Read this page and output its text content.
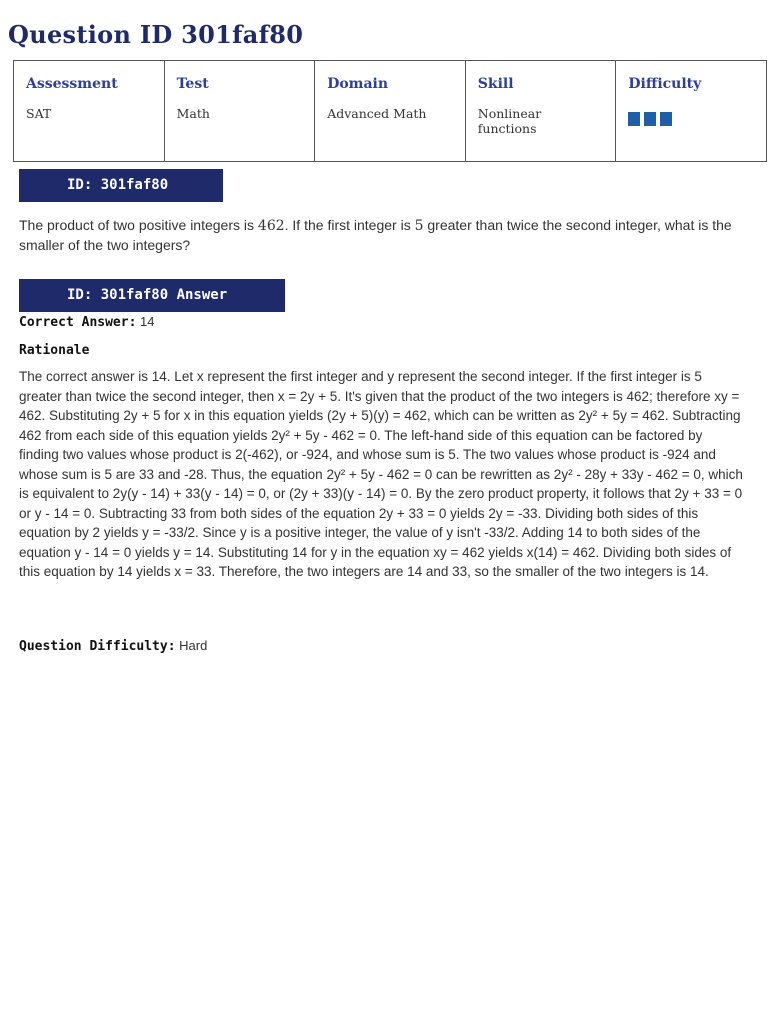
Question ID 301faf80
Assessment
SAT

Test
Math

Domain
Advanced Math

Skill
Nonlinear functions

Difficulty
ID: 301faf80

The product of two positive integers is 462. If the first integer is 5 greater than twice the second integer, what is the smaller of the two integers?

ID: 301faf80 Answer
Correct Answer: 14
Rationale

The correct answer is 14. Let x represent the first integer and y represent the second integer. If the first integer is 5 greater than twice the second integer, then x = 2y + 5. It's given that the product of the two integers is 462; therefore xy = 462. Substituting 2y + 5 for x in this equation yields (2y + 5)(y) = 462, which can be written as 2y² + 5y = 462. Subtracting 462 from each side of this equation yields 2y² + 5y - 462 = 0. The left-hand side of this equation can be factored by finding two values whose product is 2(-462), or -924, and whose sum is 5. The two values whose product is -924 and whose sum is 5 are 33 and -28. Thus, the equation 2y² + 5y - 462 = 0 can be rewritten as 2y² - 28y + 33y - 462 = 0, which is equivalent to 2y(y - 14) + 33(y - 14) = 0, or (2y + 33)(y - 14) = 0. By the zero product property, it follows that 2y + 33 = 0 or y - 14 = 0. Subtracting 33 from both sides of the equation 2y + 33 = 0 yields 2y = -33. Dividing both sides of this equation by 2 yields y = -33/2. Since y is a positive integer, the value of y isn't -33/2. Adding 14 to both sides of the equation y - 14 = 0 yields y = 14. Substituting 14 for y in the equation xy = 462 yields x(14) = 462. Dividing both sides of this equation by 14 yields x = 33. Therefore, the two integers are 14 and 33, so the smaller of the two integers is 14.

Question Difficulty: Hard
